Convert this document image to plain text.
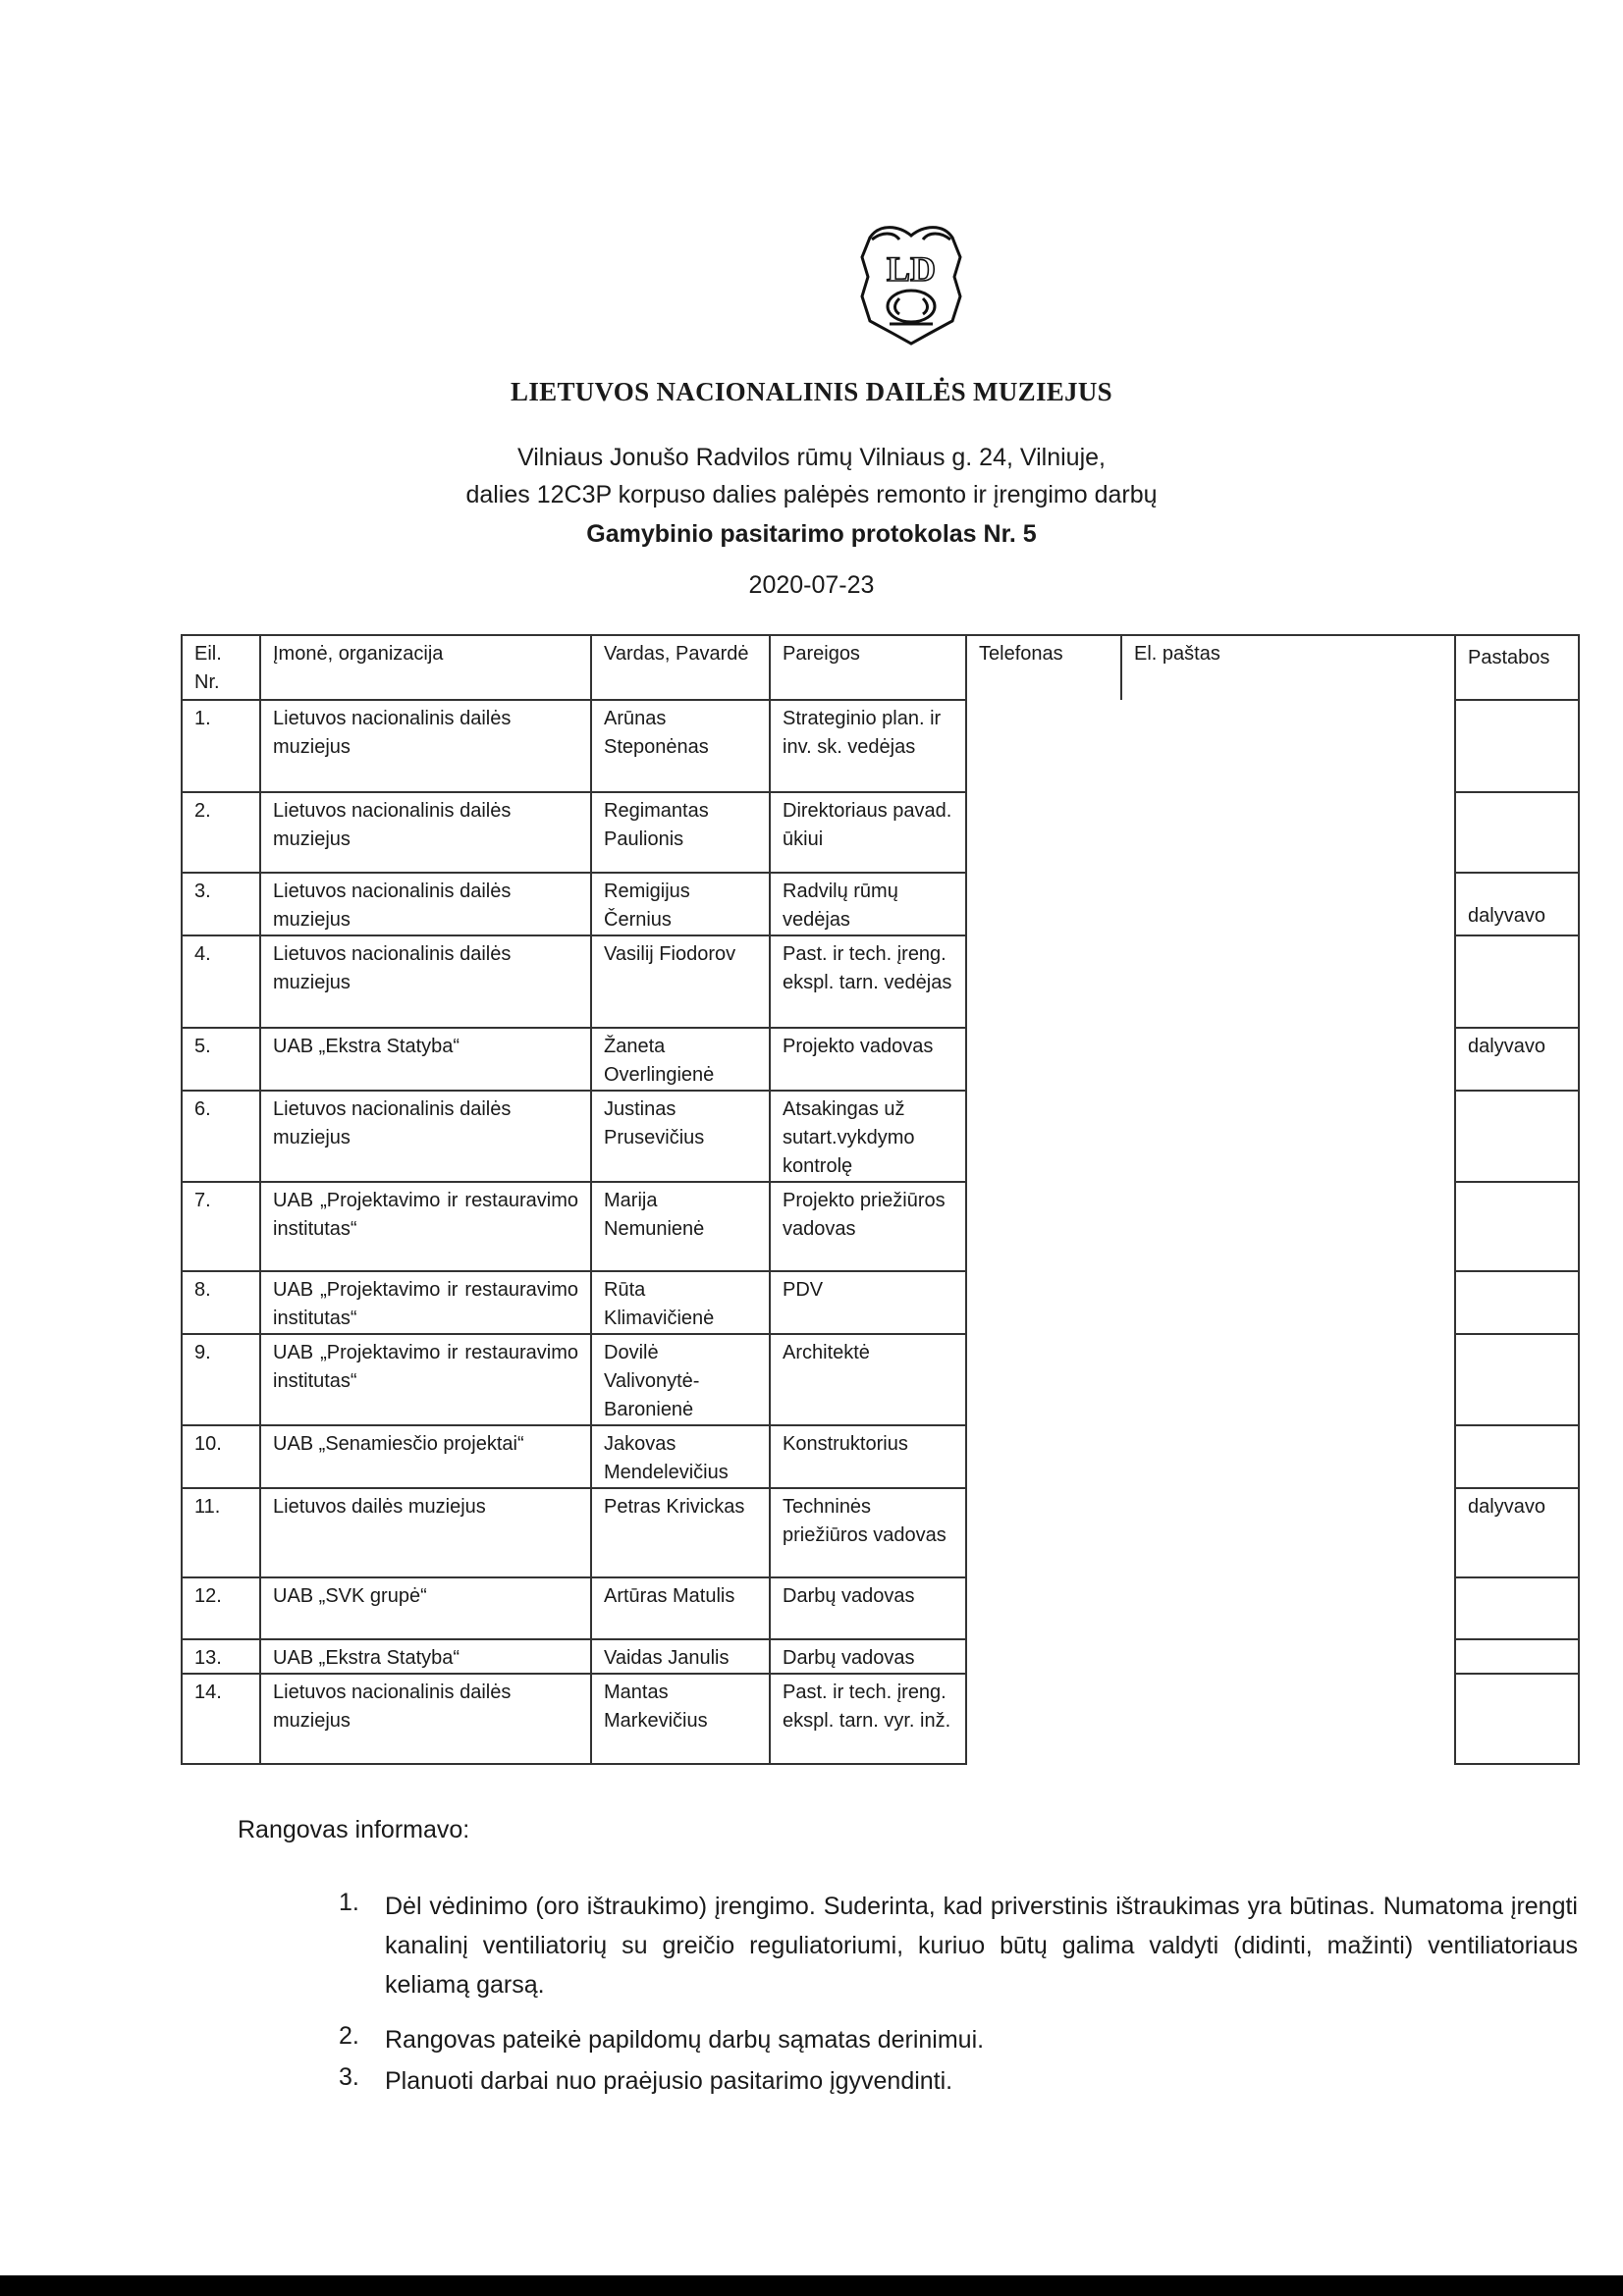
LD
LIETUVOS NACIONALINIS DAILĖS MUZIEJUS
Vilniaus Jonušo Radvilos rūmų Vilniaus g. 24, Vilniuje,
dalies 12C3P korpuso dalies palėpės remonto ir įrengimo darbų
Gamybinio pasitarimo protokolas Nr. 5
2020-07-23
Eil. Nr.	Įmonė, organizacija	Vardas, Pavardė	Pareigos	Telefonas	El. paštas	Pastabos
1.	Lietuvos nacionalinis dailės muziejus	Arūnas Steponėnas	Strateginio plan. ir inv. sk. vedėjas			
2.	Lietuvos nacionalinis dailės muziejus	Regimantas Paulionis	Direktoriaus pavad. ūkiui			
3.	Lietuvos nacionalinis dailės muziejus	Remigijus Černius	Radvilų rūmų vedėjas			dalyvavo
4.	Lietuvos nacionalinis dailės muziejus	Vasilij Fiodorov	Past. ir tech. įreng. ekspl. tarn. vedėjas			
5.	UAB „Ekstra Statyba“	Žaneta Overlingienė	Projekto vadovas			dalyvavo
6.	Lietuvos nacionalinis dailės muziejus	Justinas Prusevičius	Atsakingas už sutart.vykdymo kontrolę			
7.	UAB „Projektavimo ir restauravimo institutas“	Marija Nemunienė	Projekto priežiūros vadovas			
8.	UAB „Projektavimo ir restauravimo institutas“	Rūta Klimavičienė	PDV			
9.	UAB „Projektavimo ir restauravimo institutas“	Dovilė Valivonytė-Baronienė	Architektė			
10.	UAB „Senamiesčio projektai“	Jakovas Mendelevičius	Konstruktorius			
11.	Lietuvos dailės muziejus	Petras Krivickas	Techninės priežiūros vadovas			dalyvavo
12.	UAB „SVK grupė“	Artūras Matulis	Darbų vadovas			
13.	UAB „Ekstra Statyba“	Vaidas Janulis	Darbų vadovas			
14.	Lietuvos nacionalinis dailės muziejus	Mantas Markevičius	Past. ir tech. įreng. ekspl. tarn. vyr. inž.			
Rangovas informavo:
1. Dėl vėdinimo (oro ištraukimo) įrengimo. Suderinta, kad priverstinis ištraukimas yra būtinas. Numatoma įrengti kanalinį ventiliatorių su greičio reguliatoriumi, kuriuo būtų galima valdyti (didinti, mažinti) ventiliatoriaus keliamą garsą.
2. Rangovas pateikė papildomų darbų sąmatas derinimui.
3. Planuoti darbai nuo praėjusio pasitarimo įgyvendinti.
